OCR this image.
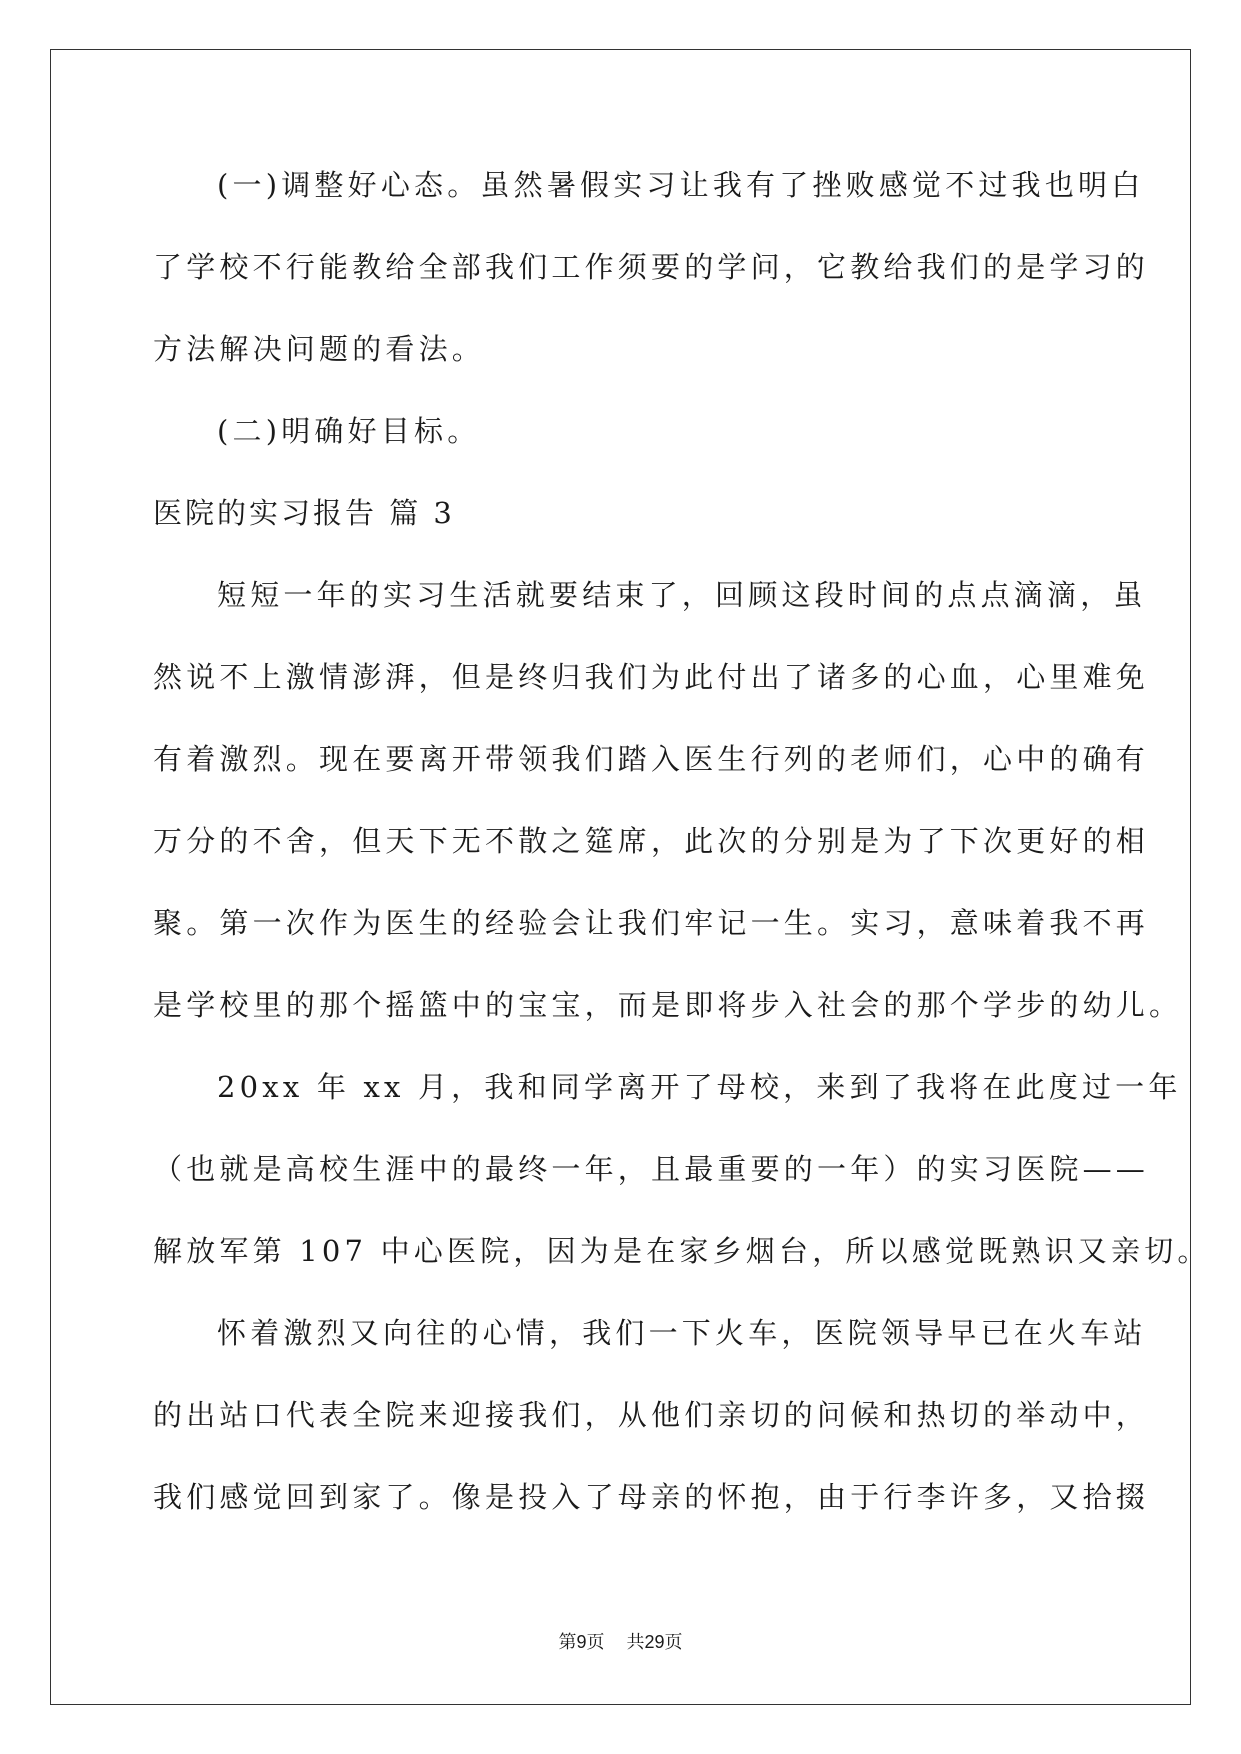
(一)调整好心态。虽然暑假实习让我有了挫败感觉不过我也明白
了学校不行能教给全部我们工作须要的学问，它教给我们的是学习的
方法解决问题的看法。
(二)明确好目标。
医院的实习报告 篇 3
短短一年的实习生活就要结束了，回顾这段时间的点点滴滴，虽
然说不上激情澎湃，但是终归我们为此付出了诸多的心血，心里难免
有着激烈。现在要离开带领我们踏入医生行列的老师们，心中的确有
万分的不舍，但天下无不散之筵席，此次的分别是为了下次更好的相
聚。第一次作为医生的经验会让我们牢记一生。实习，意味着我不再
是学校里的那个摇篮中的宝宝，而是即将步入社会的那个学步的幼儿。
20xx 年 xx 月，我和同学离开了母校，来到了我将在此度过一年
（也就是高校生涯中的最终一年，且最重要的一年）的实习医院——
解放军第 107 中心医院，因为是在家乡烟台，所以感觉既熟识又亲切。
怀着激烈又向往的心情，我们一下火车，医院领导早已在火车站
的出站口代表全院来迎接我们，从他们亲切的问候和热切的举动中，
我们感觉回到家了。像是投入了母亲的怀抱，由于行李许多，又拾掇
第9页 共29页
